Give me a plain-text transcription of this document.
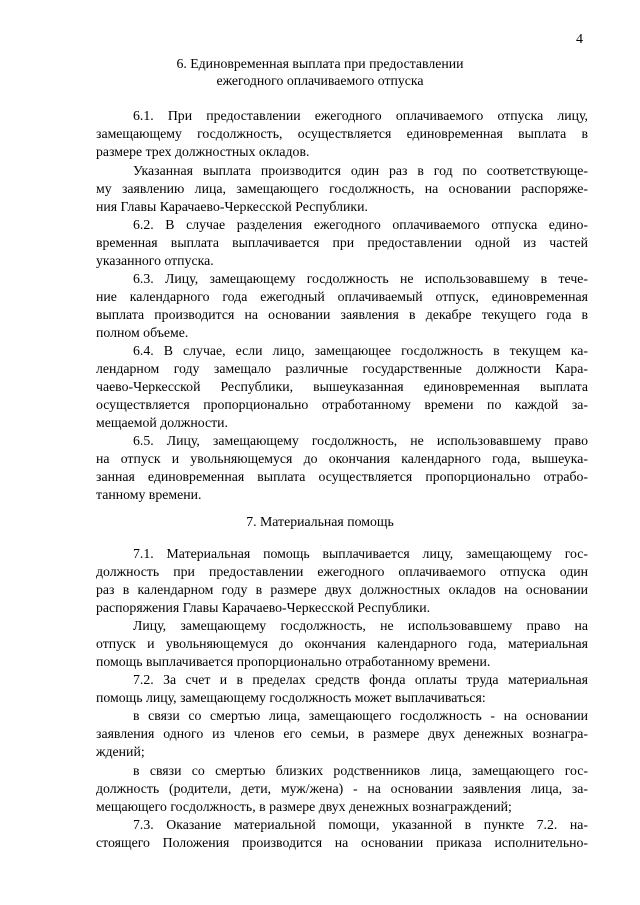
4
6. Единовременная выплата при предоставлении
ежегодного оплачиваемого отпуска
6.1. При предоставлении ежегодного оплачиваемого отпуска лицу,
замещающему госдолжность, осуществляется единовременная выплата в
размере трех должностных окладов.
Указанная выплата производится один раз в год по соответствующе-
му заявлению лица, замещающего госдолжность, на основании распоряже-
ния Главы Карачаево-Черкесской Республики.
6.2. В случае разделения ежегодного оплачиваемого отпуска едино-
временная выплата выплачивается при предоставлении одной из частей
указанного отпуска.
6.3. Лицу, замещающему госдолжность не использовавшему в тече-
ние календарного года ежегодный оплачиваемый отпуск, единовременная
выплата производится на основании заявления в декабре текущего года в
полном объеме.
6.4. В случае, если лицо, замещающее госдолжность в текущем ка-
лендарном году замещало различные государственные должности Кара-
чаево-Черкесской Республики, вышеуказанная единовременная выплата
осуществляется пропорционально отработанному времени по каждой за-
мещаемой должности.
6.5. Лицу, замещающему госдолжность, не использовавшему право
на отпуск и увольняющемуся до окончания календарного года, вышеука-
занная единовременная выплата осуществляется пропорционально отрабо-
танному времени.
7. Материальная помощь
7.1. Материальная помощь выплачивается лицу, замещающему гос-
должность при предоставлении ежегодного оплачиваемого отпуска один
раз в календарном году в размере двух должностных окладов на основании
распоряжения Главы Карачаево-Черкесской Республики.
Лицу, замещающему госдолжность, не использовавшему право на
отпуск и увольняющемуся до окончания календарного года, материальная
помощь выплачивается пропорционально отработанному времени.
7.2. За счет и в пределах средств фонда оплаты труда материальная
помощь лицу, замещающему госдолжность может выплачиваться:
в связи со смертью лица, замещающего госдолжность - на основании
заявления одного из членов его семьи, в размере двух денежных вознагра-
ждений;
в связи со смертью близких родственников лица, замещающего гос-
должность (родители, дети, муж/жена) - на основании заявления лица, за-
мещающего госдолжность, в размере двух денежных вознаграждений;
7.3. Оказание материальной помощи, указанной в пункте 7.2. на-
стоящего Положения производится на основании приказа исполнительно-
